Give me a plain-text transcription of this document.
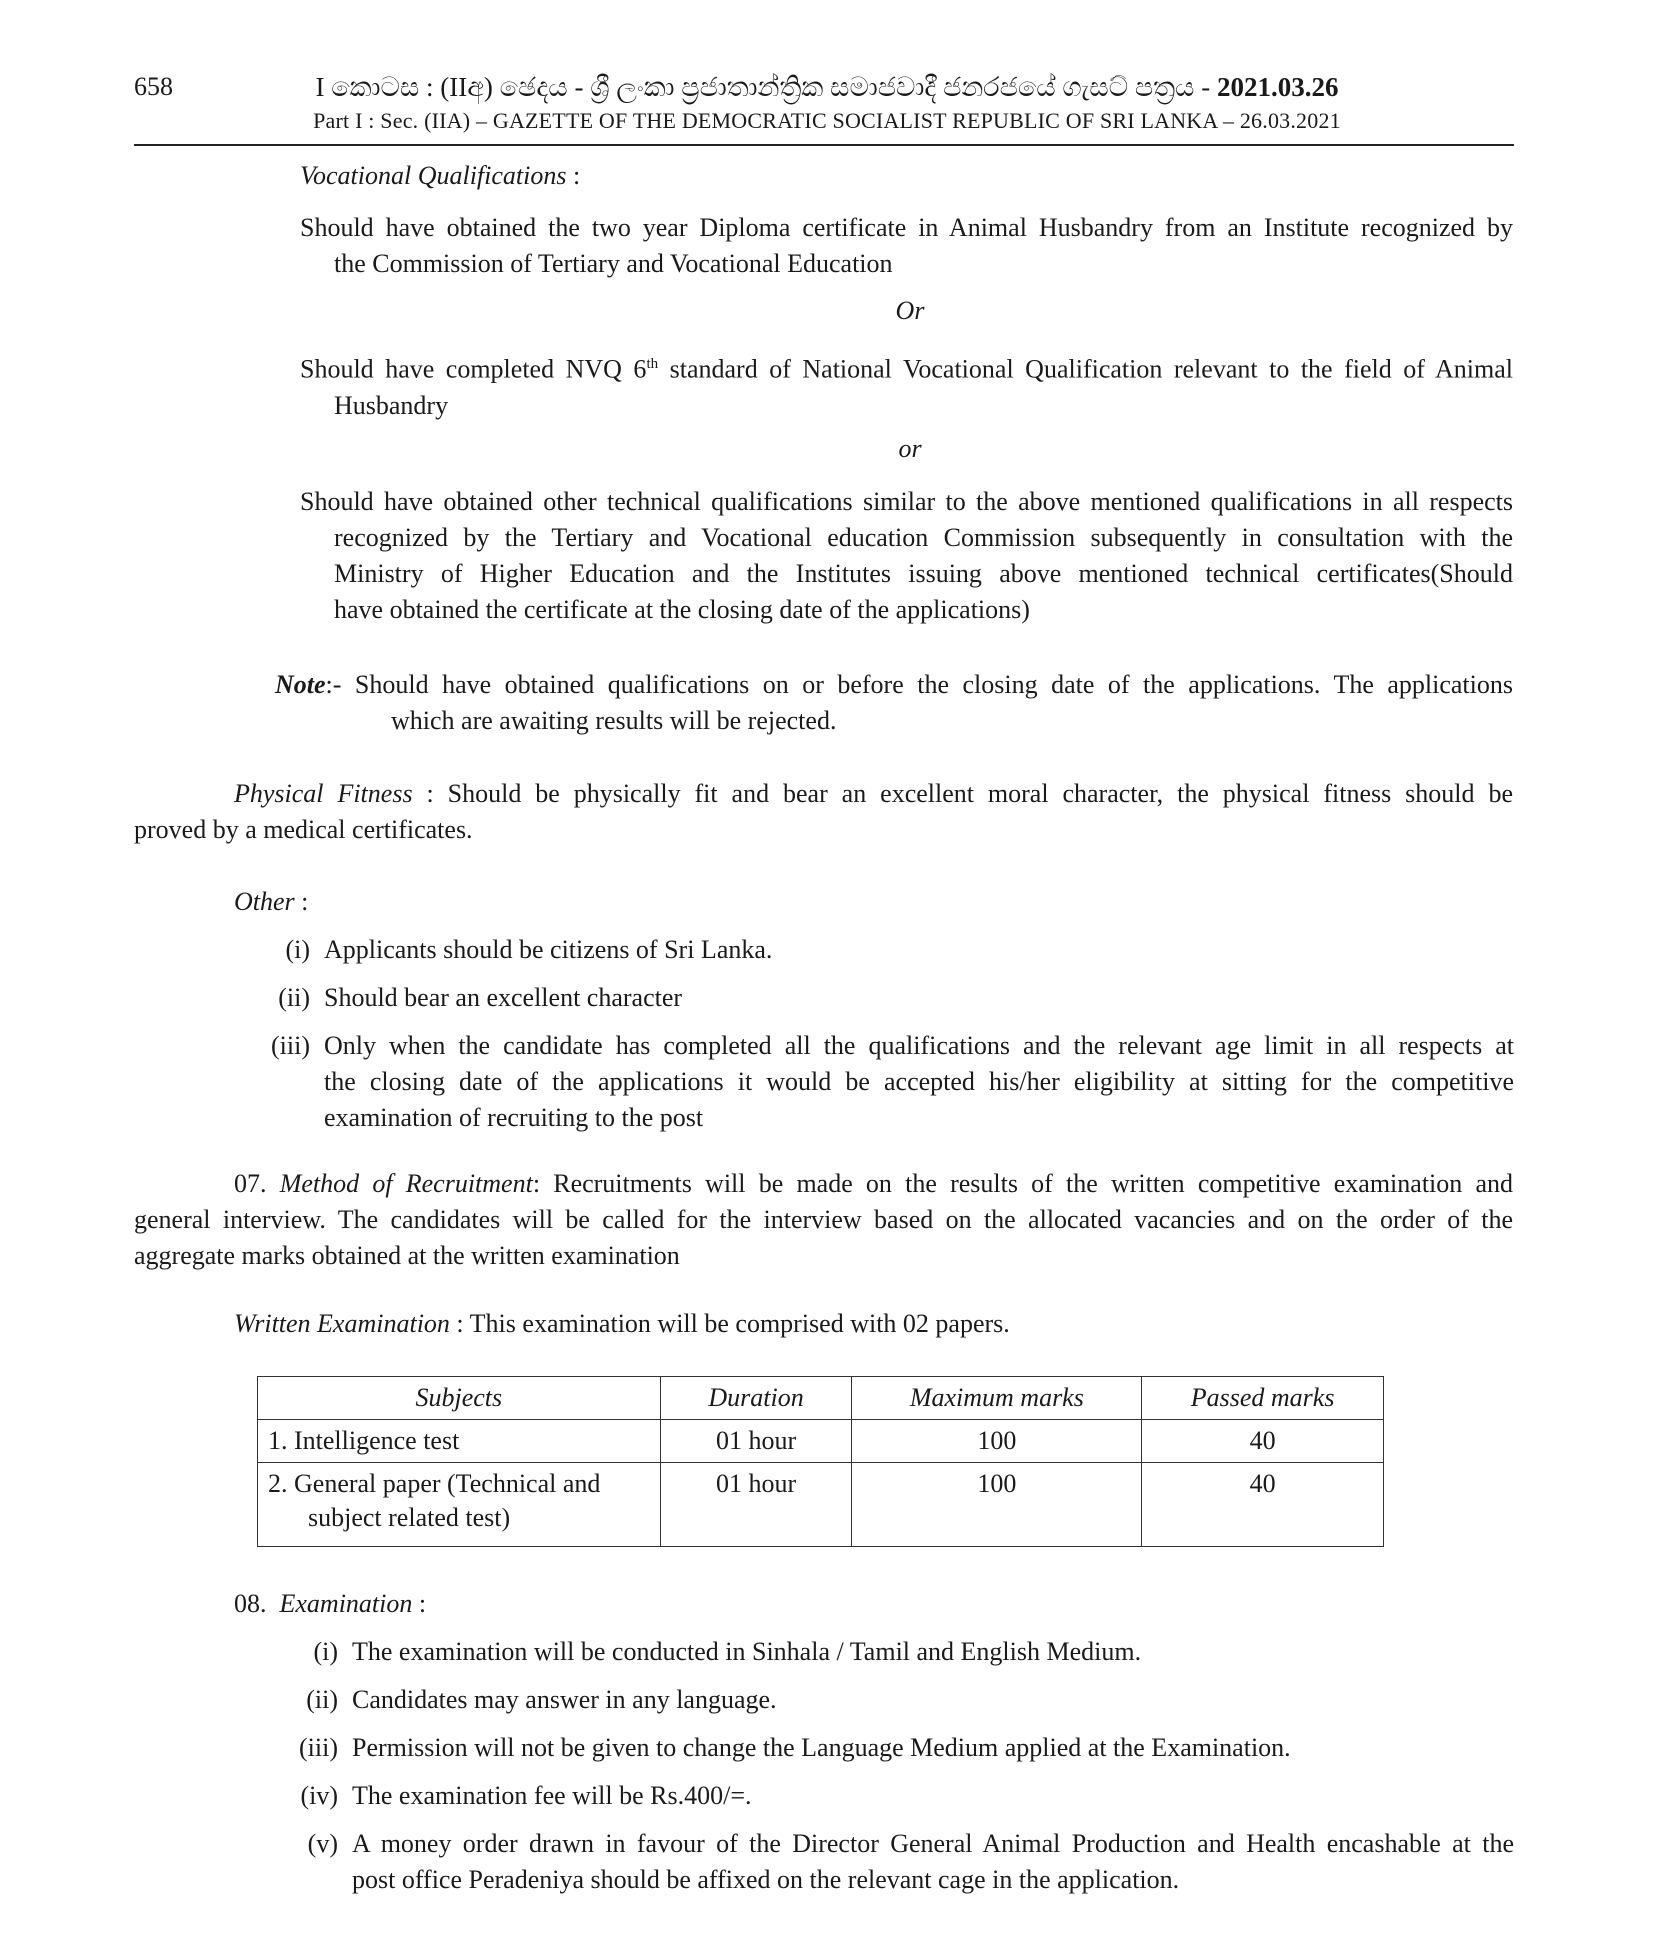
658	I කොටස : (IIඅ) ඡෙදය - ශ්‍රී ලංකා ප්‍රජාතාන්ත්‍රික සමාජවාදී ජනරජයේ ගැසට් පත්‍රය - 2021.03.26
Part I : Sec. (IIA) – GAZETTE OF THE DEMOCRATIC SOCIALIST REPUBLIC OF SRI LANKA – 26.03.2021
Vocational Qualifications :
Should have obtained the two year Diploma certificate in Animal Husbandry from an Institute recognized by
the Commission of Tertiary and Vocational Education
Or
Should have completed NVQ 6th standard of National Vocational Qualification relevant to the field of Animal
Husbandry
or
Should have obtained other technical qualifications similar to the above mentioned qualifications in all respects
recognized by the Tertiary and Vocational education Commission subsequently in consultation with the
Ministry of Higher Education and the Institutes issuing above mentioned technical certificates(Should
have obtained the certificate at the closing date of the applications)
Note:- Should have obtained qualifications on or before the closing date of the applications. The applications
which are awaiting results will be rejected.
Physical Fitness : Should be physically fit and bear an excellent moral character, the physical fitness should be
proved by a medical certificates.
Other :
(i) Applicants should be citizens of Sri Lanka.
(ii) Should bear an excellent character
(iii) Only when the candidate has completed all the qualifications and the relevant age limit in all respects at
the closing date of the applications it would be accepted his/her eligibility at sitting for the competitive
examination of recruiting to the post
07. Method of Recruitment: Recruitments will be made on the results of the written competitive examination and
general interview. The candidates will be called for the interview based on the allocated vacancies and on the order of the
aggregate marks obtained at the written examination
Written Examination : This examination will be comprised with 02 papers.
Subjects	Duration	Maximum marks	Passed marks
1. Intelligence test	01 hour	100	40

2. General paper (Technical and
subject related test)	01 hour	100	40
08. Examination :
(i) The examination will be conducted in Sinhala / Tamil and English Medium.
(ii) Candidates may answer in any language.
(iii) Permission will not be given to change the Language Medium applied at the Examination.
(iv) The examination fee will be Rs.400/=.
(v) A money order drawn in favour of the Director General Animal Production and Health encashable at the
post office Peradeniya should be affixed on the relevant cage in the application.
